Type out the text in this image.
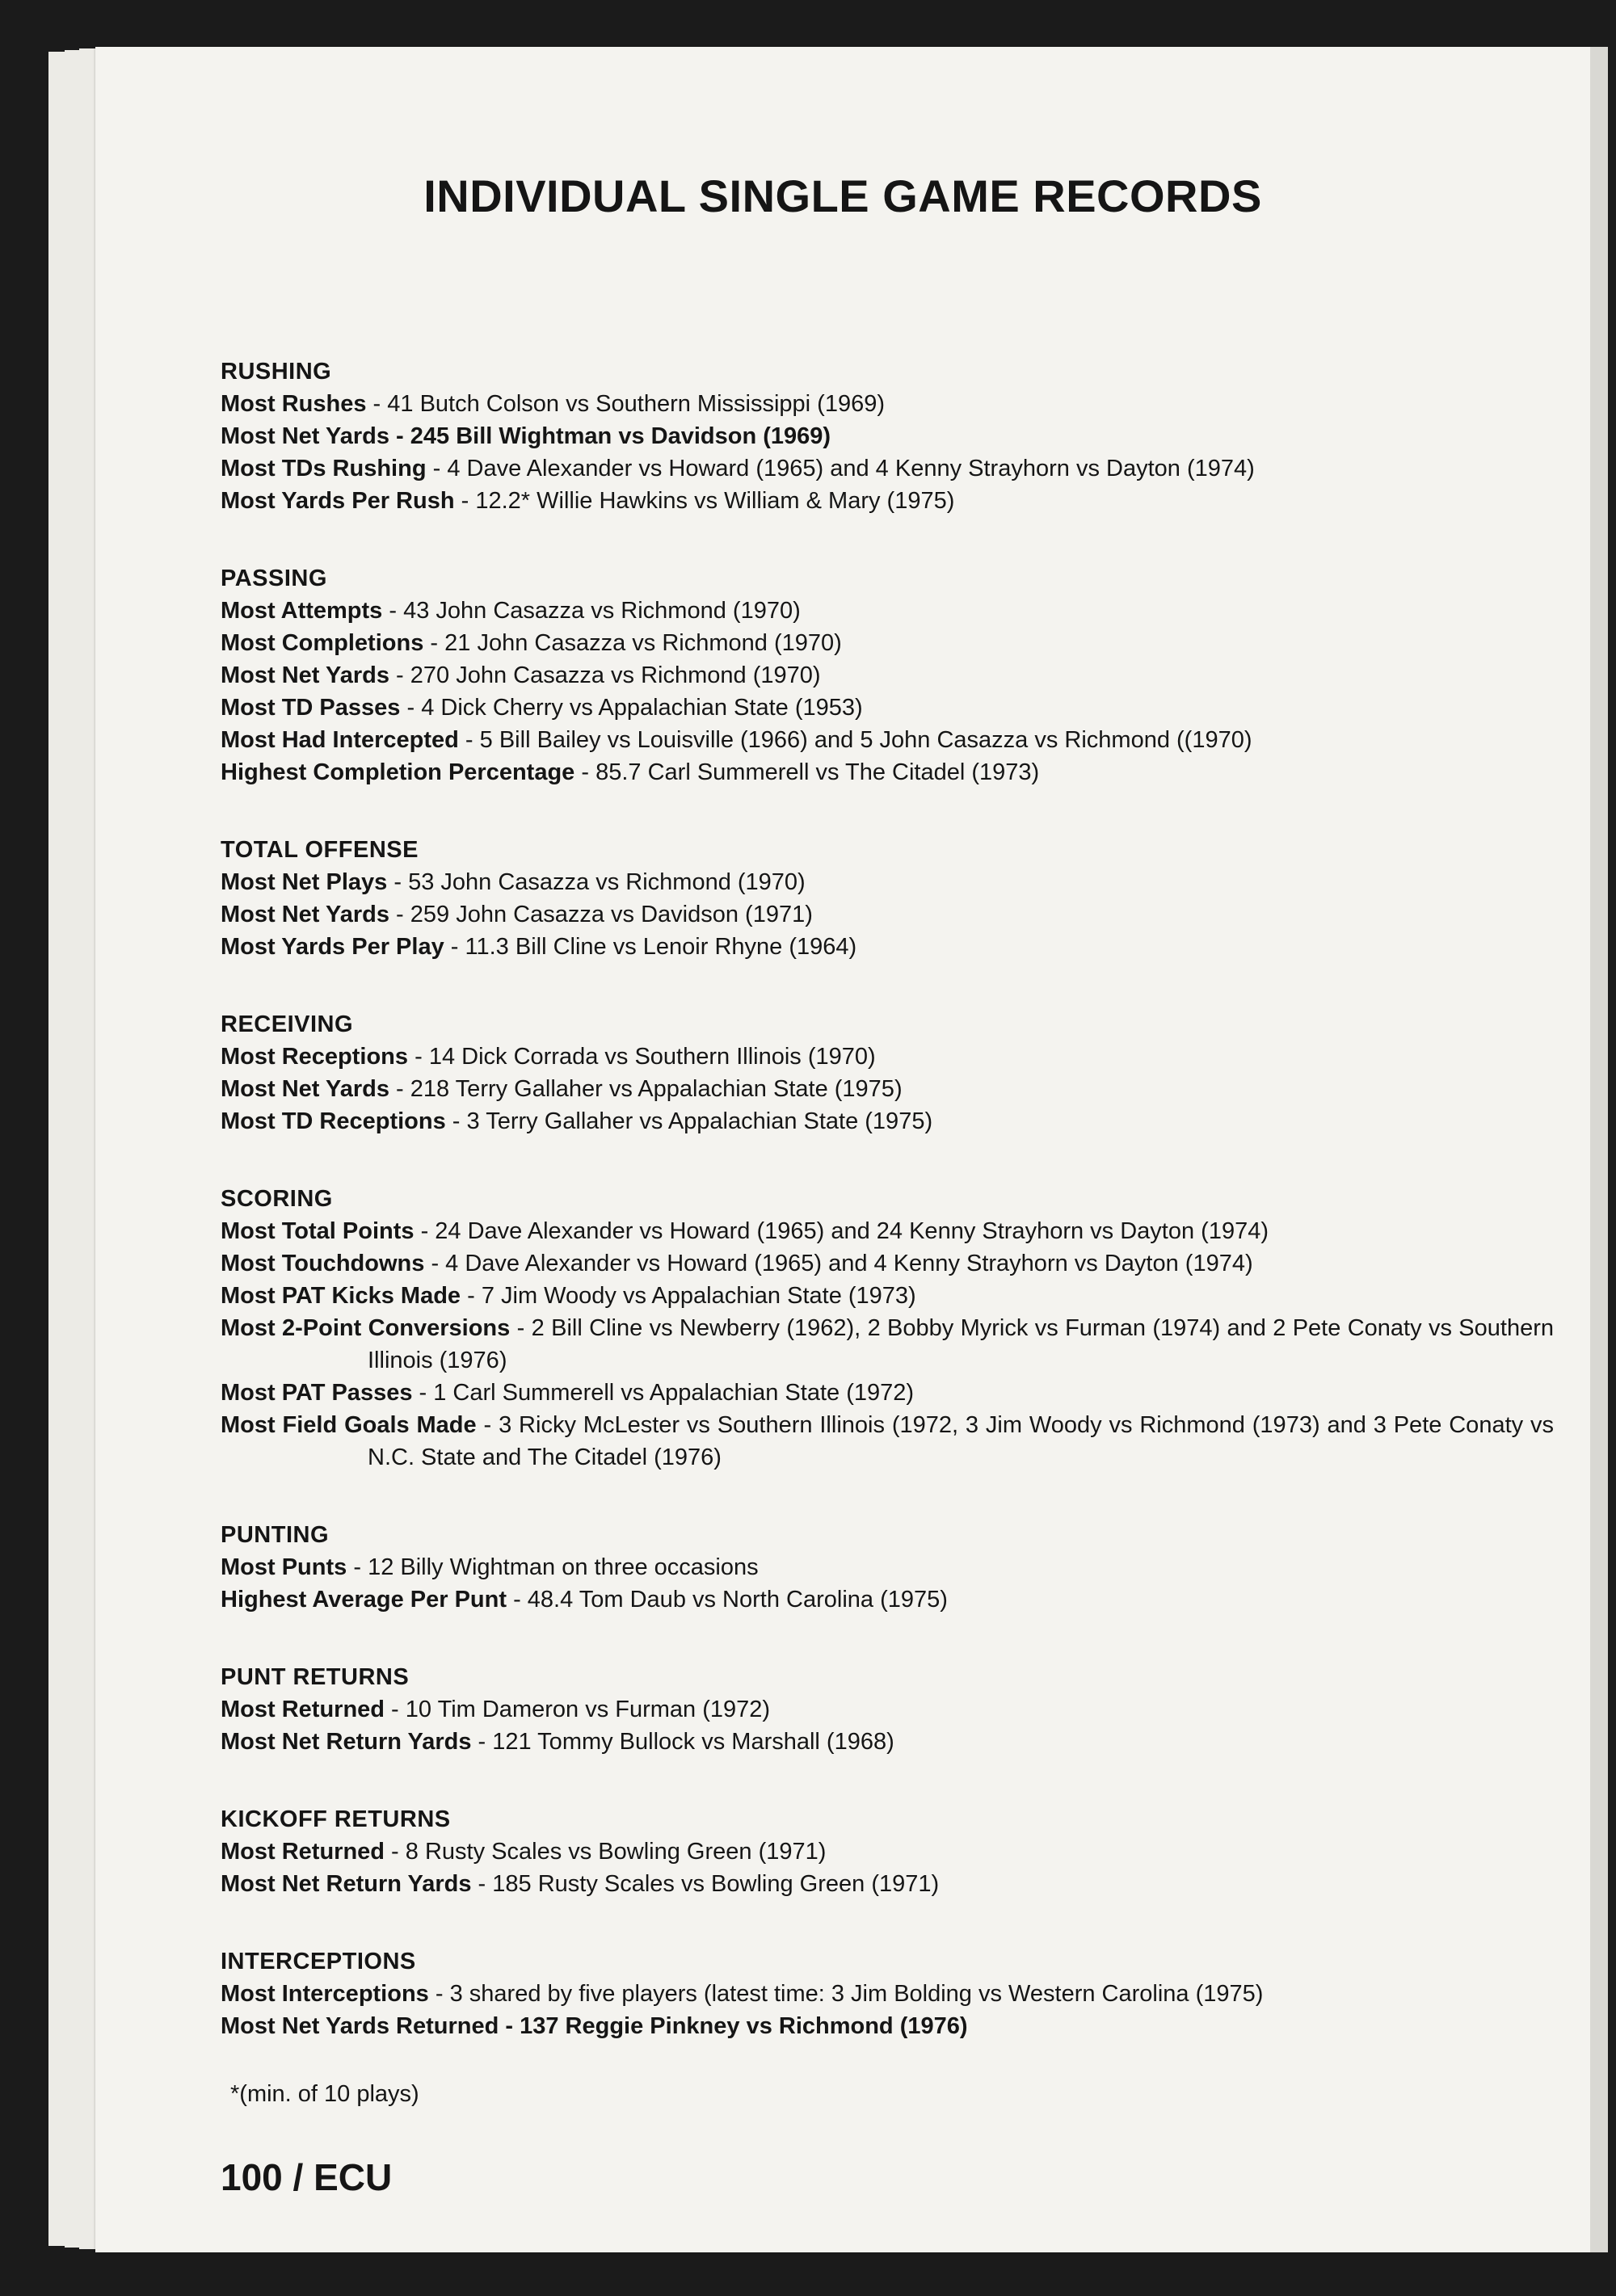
INDIVIDUAL SINGLE GAME RECORDS
RUSHING
Most Rushes - 41 Butch Colson vs Southern Mississippi (1969)
Most Net Yards - 245 Bill Wightman vs Davidson (1969)
Most TDs Rushing - 4 Dave Alexander vs Howard (1965) and 4 Kenny Strayhorn vs Dayton (1974)
Most Yards Per Rush - 12.2* Willie Hawkins vs William & Mary (1975)
PASSING
Most Attempts - 43 John Casazza vs Richmond (1970)
Most Completions - 21 John Casazza vs Richmond (1970)
Most Net Yards - 270 John Casazza vs Richmond (1970)
Most TD Passes - 4 Dick Cherry vs Appalachian State (1953)
Most Had Intercepted - 5 Bill Bailey vs Louisville (1966) and 5 John Casazza vs Richmond ((1970)
Highest Completion Percentage - 85.7 Carl Summerell vs The Citadel (1973)
TOTAL OFFENSE
Most Net Plays - 53 John Casazza vs Richmond (1970)
Most Net Yards - 259 John Casazza vs Davidson (1971)
Most Yards Per Play - 11.3 Bill Cline vs Lenoir Rhyne (1964)
RECEIVING
Most Receptions - 14 Dick Corrada vs Southern Illinois (1970)
Most Net Yards - 218 Terry Gallaher vs Appalachian State (1975)
Most TD Receptions - 3 Terry Gallaher vs Appalachian State (1975)
SCORING
Most Total Points - 24 Dave Alexander vs Howard (1965) and 24 Kenny Strayhorn vs Dayton (1974)
Most Touchdowns - 4 Dave Alexander vs Howard (1965) and 4 Kenny Strayhorn vs Dayton (1974)
Most PAT Kicks Made - 7 Jim Woody vs Appalachian State (1973)
Most 2-Point Conversions - 2 Bill Cline vs Newberry (1962), 2 Bobby Myrick vs Furman (1974) and 2 Pete Conaty vs Southern Illinois (1976)
Most PAT Passes - 1 Carl Summerell vs Appalachian State (1972)
Most Field Goals Made - 3 Ricky McLester vs Southern Illinois (1972, 3 Jim Woody vs Richmond (1973) and 3 Pete Conaty vs N.C. State and The Citadel (1976)
PUNTING
Most Punts - 12 Billy Wightman on three occasions
Highest Average Per Punt - 48.4 Tom Daub vs North Carolina (1975)
PUNT RETURNS
Most Returned - 10 Tim Dameron vs Furman (1972)
Most Net Return Yards - 121 Tommy Bullock vs Marshall (1968)
KICKOFF RETURNS
Most Returned - 8 Rusty Scales vs Bowling Green (1971)
Most Net Return Yards - 185 Rusty Scales vs Bowling Green (1971)
INTERCEPTIONS
Most Interceptions - 3 shared by five players (latest time: 3 Jim Bolding vs Western Carolina (1975)
Most Net Yards Returned - 137 Reggie Pinkney vs Richmond (1976)
*(min. of 10 plays)
100 / ECU
